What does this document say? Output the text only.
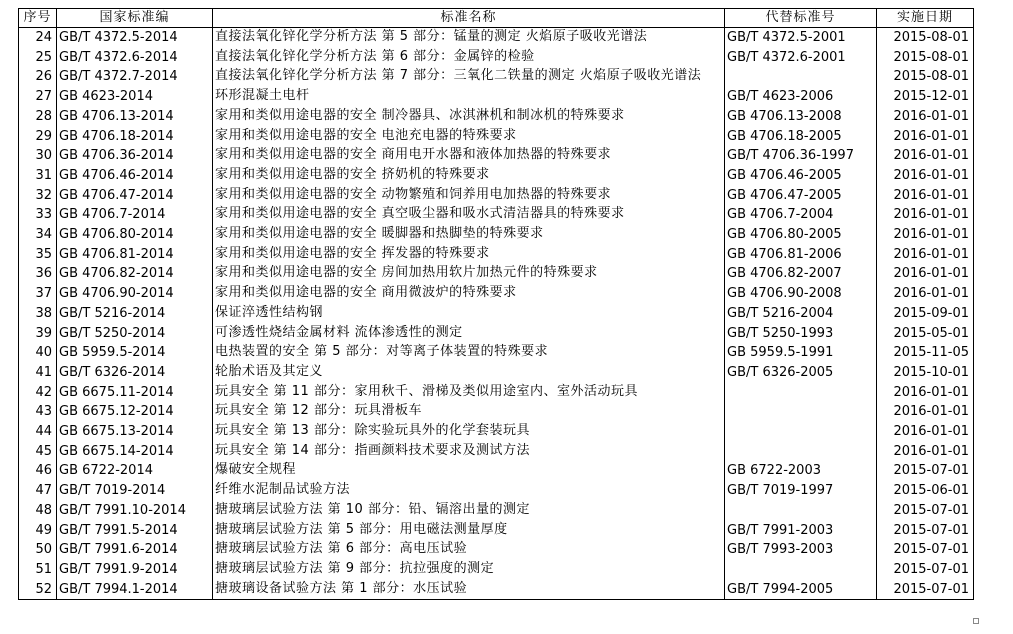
序号	国家标准编	标准名称	代替标准号	实施日期
24	GB/T 4372.5-2014	直接法氧化锌化学分析方法 第 5 部分：锰量的测定 火焰原子吸收光谱法	GB/T 4372.5-2001	2015-08-01
25	GB/T 4372.6-2014	直接法氧化锌化学分析方法 第 6 部分：金属锌的检验	GB/T 4372.6-2001	2015-08-01
26	GB/T 4372.7-2014	直接法氧化锌化学分析方法 第 7 部分：三氧化二铁量的测定 火焰原子吸收光谱法		2015-08-01
27	GB 4623-2014	环形混凝土电杆	GB/T 4623-2006	2015-12-01
28	GB 4706.13-2014	家用和类似用途电器的安全 制冷器具、冰淇淋机和制冰机的特殊要求	GB 4706.13-2008	2016-01-01
29	GB 4706.18-2014	家用和类似用途电器的安全 电池充电器的特殊要求	GB 4706.18-2005	2016-01-01
30	GB 4706.36-2014	家用和类似用途电器的安全 商用电开水器和液体加热器的特殊要求	GB/T 4706.36-1997	2016-01-01
31	GB 4706.46-2014	家用和类似用途电器的安全 挤奶机的特殊要求	GB 4706.46-2005	2016-01-01
32	GB 4706.47-2014	家用和类似用途电器的安全 动物繁殖和饲养用电加热器的特殊要求	GB 4706.47-2005	2016-01-01
33	GB 4706.7-2014	家用和类似用途电器的安全 真空吸尘器和吸水式清洁器具的特殊要求	GB 4706.7-2004	2016-01-01
34	GB 4706.80-2014	家用和类似用途电器的安全 暖脚器和热脚垫的特殊要求	GB 4706.80-2005	2016-01-01
35	GB 4706.81-2014	家用和类似用途电器的安全 挥发器的特殊要求	GB 4706.81-2006	2016-01-01
36	GB 4706.82-2014	家用和类似用途电器的安全 房间加热用软片加热元件的特殊要求	GB 4706.82-2007	2016-01-01
37	GB 4706.90-2014	家用和类似用途电器的安全 商用微波炉的特殊要求	GB 4706.90-2008	2016-01-01
38	GB/T 5216-2014	保证淬透性结构钢	GB/T 5216-2004	2015-09-01
39	GB/T 5250-2014	可渗透性烧结金属材料 流体渗透性的测定	GB/T 5250-1993	2015-05-01
40	GB 5959.5-2014	电热装置的安全 第 5 部分：对等离子体装置的特殊要求	GB 5959.5-1991	2015-11-05
41	GB/T 6326-2014	轮胎术语及其定义	GB/T 6326-2005	2015-10-01
42	GB 6675.11-2014	玩具安全 第 11 部分：家用秋千、滑梯及类似用途室内、室外活动玩具		2016-01-01
43	GB 6675.12-2014	玩具安全 第 12 部分：玩具滑板车		2016-01-01
44	GB 6675.13-2014	玩具安全 第 13 部分：除实验玩具外的化学套装玩具		2016-01-01
45	GB 6675.14-2014	玩具安全 第 14 部分：指画颜料技术要求及测试方法		2016-01-01
46	GB 6722-2014	爆破安全规程	GB 6722-2003	2015-07-01
47	GB/T 7019-2014	纤维水泥制品试验方法	GB/T 7019-1997	2015-06-01
48	GB/T 7991.10-2014	搪玻璃层试验方法 第 10 部分：铅、镉溶出量的测定		2015-07-01
49	GB/T 7991.5-2014	搪玻璃层试验方法 第 5 部分：用电磁法测量厚度	GB/T 7991-2003	2015-07-01
50	GB/T 7991.6-2014	搪玻璃层试验方法 第 6 部分：高电压试验	GB/T 7993-2003	2015-07-01
51	GB/T 7991.9-2014	搪玻璃层试验方法 第 9 部分：抗拉强度的测定		2015-07-01
52	GB/T 7994.1-2014	搪玻璃设备试验方法 第 1 部分：水压试验	GB/T 7994-2005	2015-07-01
